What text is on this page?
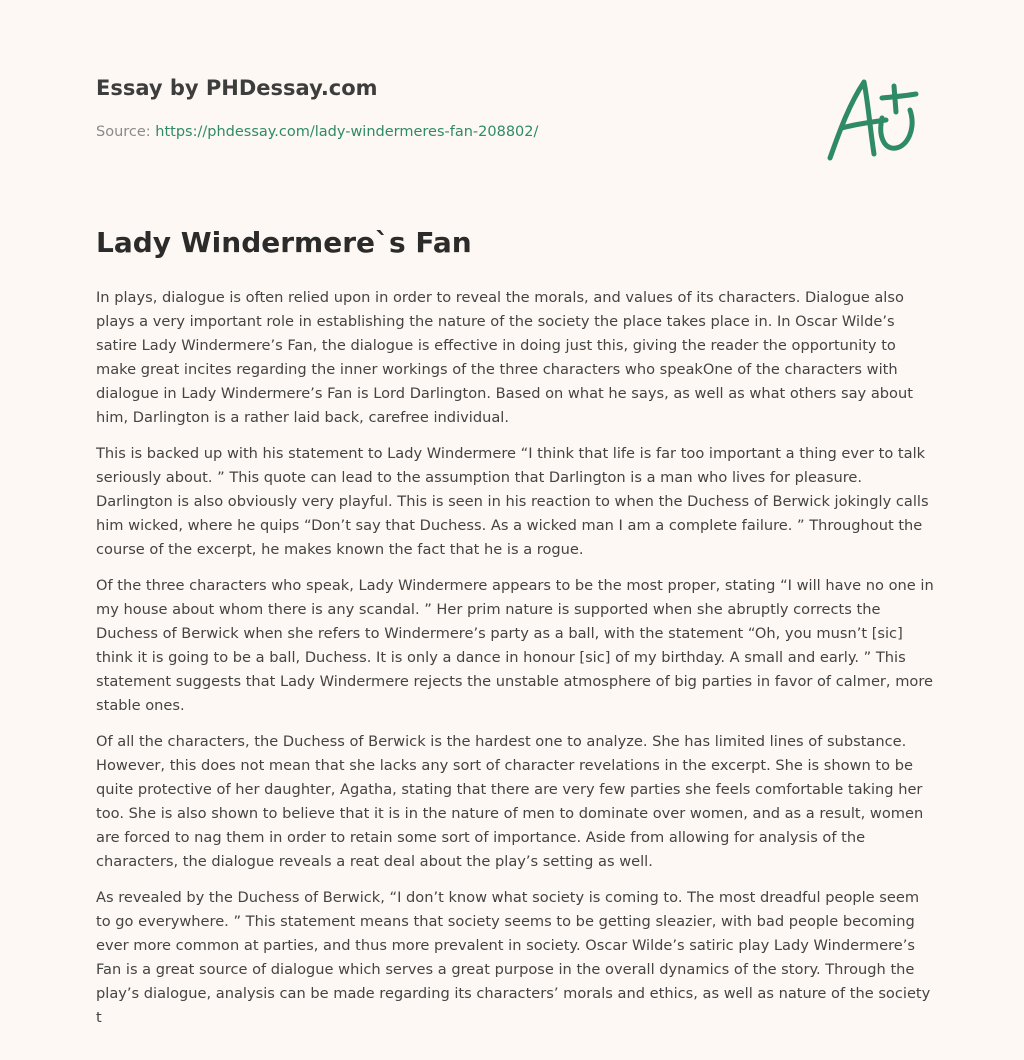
Essay by PHDessay.com
Source: https://phdessay.com/lady-windermeres-fan-208802/
Lady Windermere`s Fan

In plays, dialogue is often relied upon in order to reveal the morals, and values of its characters. Dialogue also plays a very important role in establishing the nature of the society the place takes place in. In Oscar Wilde’s satire Lady Windermere’s Fan, the dialogue is effective in doing just this, giving the reader the opportunity to make great incites regarding the inner workings of the three characters who speakOne of the characters with dialogue in Lady Windermere’s Fan is Lord Darlington. Based on what he says, as well as what others say about him, Darlington is a rather laid back, carefree individual.

This is backed up with his statement to Lady Windermere “I think that life is far too important a thing ever to talk seriously about. ” This quote can lead to the assumption that Darlington is a man who lives for pleasure. Darlington is also obviously very playful. This is seen in his reaction to when the Duchess of Berwick jokingly calls him wicked, where he quips “Don’t say that Duchess. As a wicked man I am a complete failure. ” Throughout the course of the excerpt, he makes known the fact that he is a rogue.

Of the three characters who speak, Lady Windermere appears to be the most proper, stating “I will have no one in my house about whom there is any scandal. ” Her prim nature is supported when she abruptly corrects the Duchess of Berwick when she refers to Windermere’s party as a ball, with the statement “Oh, you musn’t [sic] think it is going to be a ball, Duchess. It is only a dance in honour [sic] of my birthday. A small and early. ” This statement suggests that Lady Windermere rejects the unstable atmosphere of big parties in favor of calmer, more stable ones.

Of all the characters, the Duchess of Berwick is the hardest one to analyze. She has limited lines of substance. However, this does not mean that she lacks any sort of character revelations in the excerpt. She is shown to be quite protective of her daughter, Agatha, stating that there are very few parties she feels comfortable taking her too. She is also shown to believe that it is in the nature of men to dominate over women, and as a result, women are forced to nag them in order to retain some sort of importance. Aside from allowing for analysis of the characters, the dialogue reveals a reat deal about the play’s setting as well.

As revealed by the Duchess of Berwick, “I don’t know what society is coming to. The most dreadful people seem to go everywhere. ” This statement means that society seems to be getting sleazier, with bad people becoming ever more common at parties, and thus more prevalent in society. Oscar Wilde’s satiric play Lady Windermere’s Fan is a great source of dialogue which serves a great purpose in the overall dynamics of the story. Through the play’s dialogue, analysis can be made regarding its characters’ morals and ethics, as well as nature of the society t
